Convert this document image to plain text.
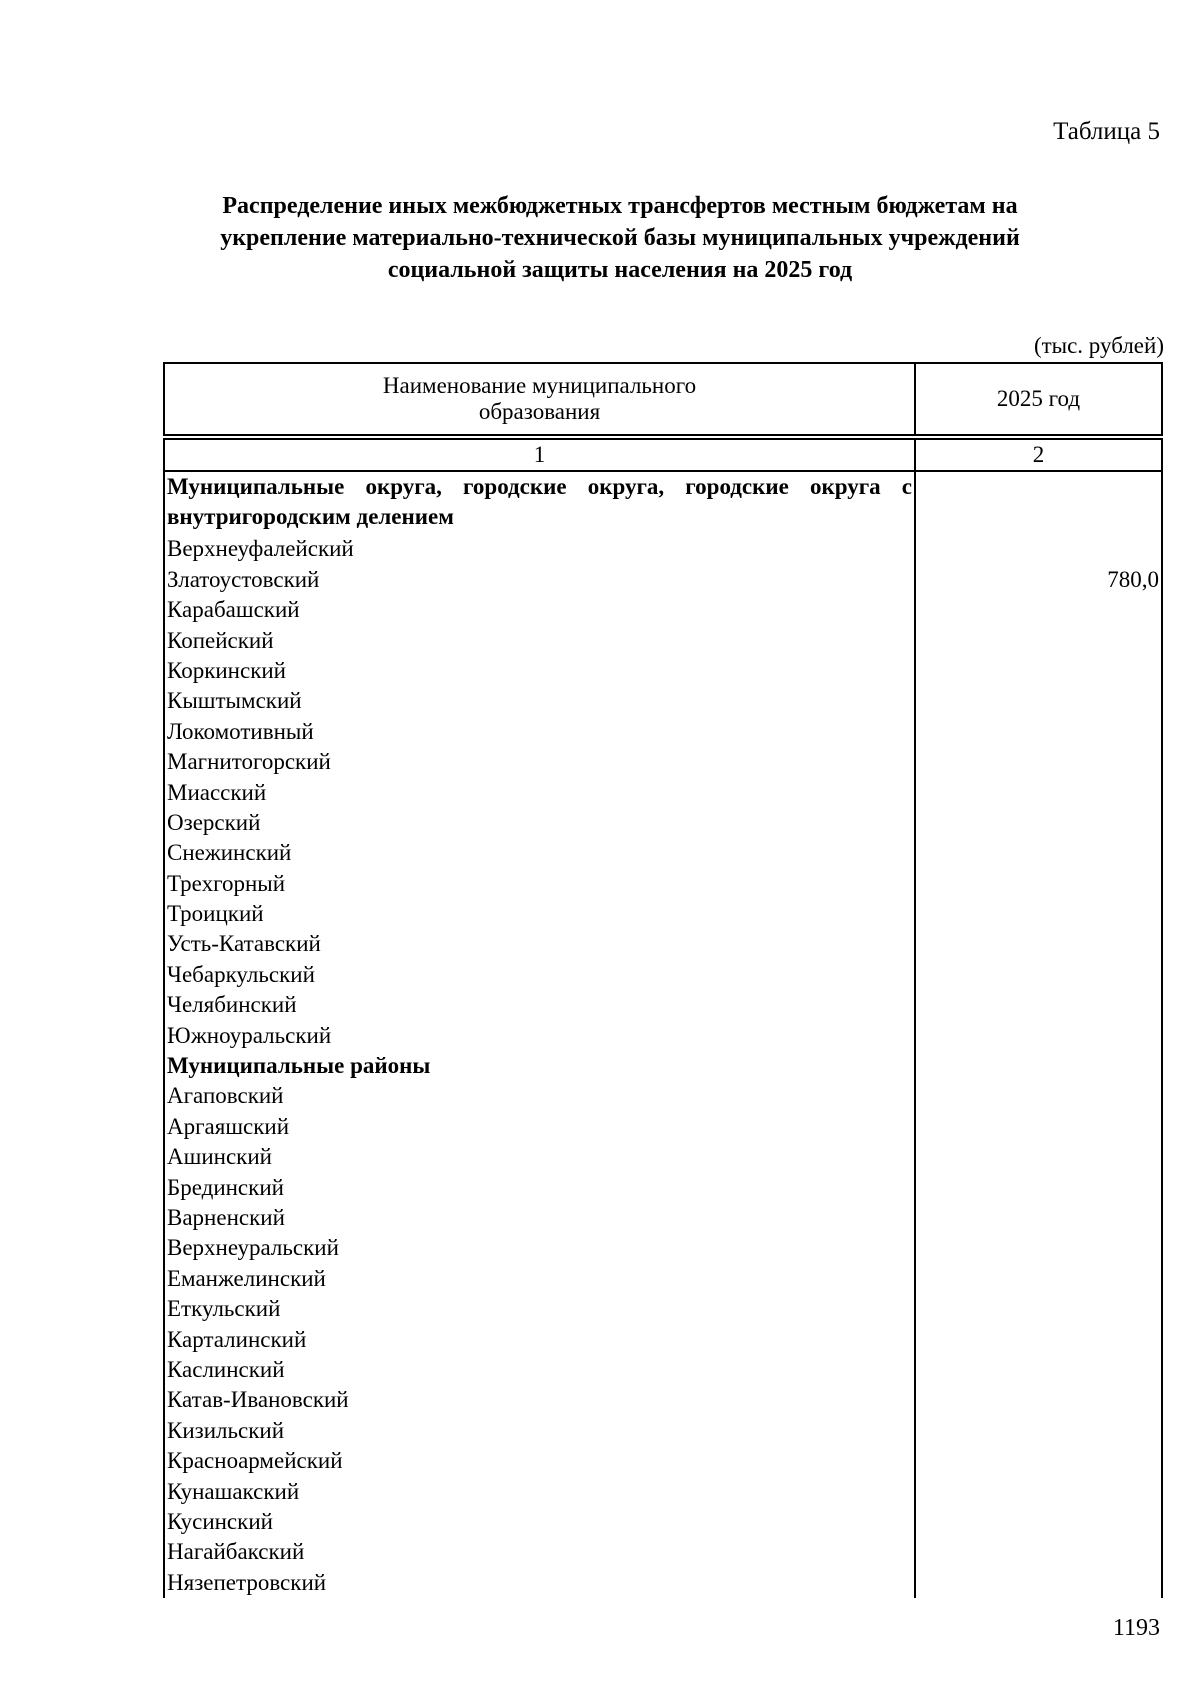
Таблица 5
Распределение иных межбюджетных трансфертов местным бюджетам на
укрепление материально-технической базы муниципальных учреждений
социальной защиты населения на 2025 год
(тыс. рублей)
Наименование муниципального
образования	2025 год

1	2
Муниципальные округа, городские округа, городские округа с внутригородским делением	
Верхнеуфалейский	
Златоустовский	780,0
Карабашский	
Копейский	
Коркинский	
Кыштымский	
Локомотивный	
Магнитогорский	
Миасский	
Озерский	
Снежинский	
Трехгорный	
Троицкий	
Усть-Катавский	
Чебаркульский	
Челябинский	
Южноуральский	
Муниципальные районы	
Агаповский	
Аргаяшский	
Ашинский	
Брединский	
Варненский	
Верхнеуральский	
Еманжелинский	
Еткульский	
Карталинский	
Каслинский	
Катав-Ивановский	
Кизильский	
Красноармейский	
Кунашакский	
Кусинский	
Нагайбакский	
Нязепетровский	
1193
